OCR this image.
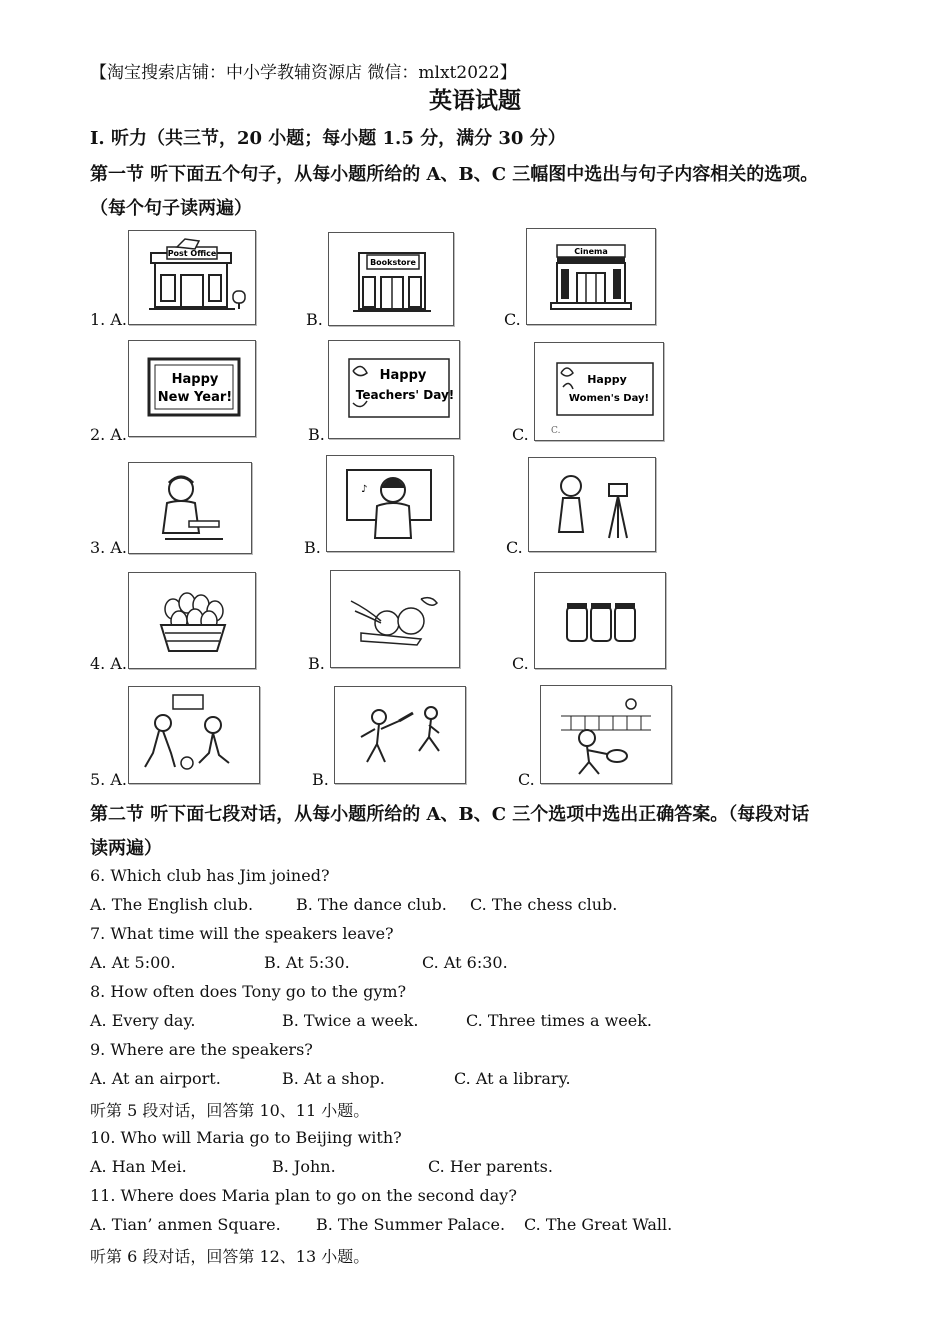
【淘宝搜索店铺：中小学教辅资源店 微信：mlxt2022】
英语试题
Ⅰ. 听力（共三节，20 小题；每小题 1.5 分，满分 30 分）
第一节 听下面五个句子，从每小题所给的 A、B、C 三幅图中选出与句子内容相关的选项。
（每个句子读两遍）
1. A.
Post Office
B.
Bookstore
C.
Cinema
2. A.
Happy
New Year!
B.
Happy
Teachers' Day!
C.
Happy
Women's Day!
C.
3. A.	B.
♪
C.
4. A.	B.	C.
5. A.	B.	C.
第二节 听下面七段对话，从每小题所给的 A、B、C 三个选项中选出正确答案。（每段对话
读两遍）
6. Which club has Jim joined?
A. The English club.	B. The dance club. C. The chess club.
7. What time will the speakers leave?
A. At 5:00.	B. At 5:30.	C. At 6:30.
8. How often does Tony go to the gym?
A. Every day.	B. Twice a week.	C. Three times a week.
9. Where are the speakers?
A. At an airport.	B. At a shop.	C. At a library.
听第 5 段对话，回答第 10、11 小题。
10. Who will Maria go to Beijing with?
A. Han Mei.	B. John.	C. Her parents.
11. Where does Maria plan to go on the second day?
A. Tian’ anmen Square. B. The Summer Palace. C. The Great Wall.
听第 6 段对话，回答第 12、13 小题。
